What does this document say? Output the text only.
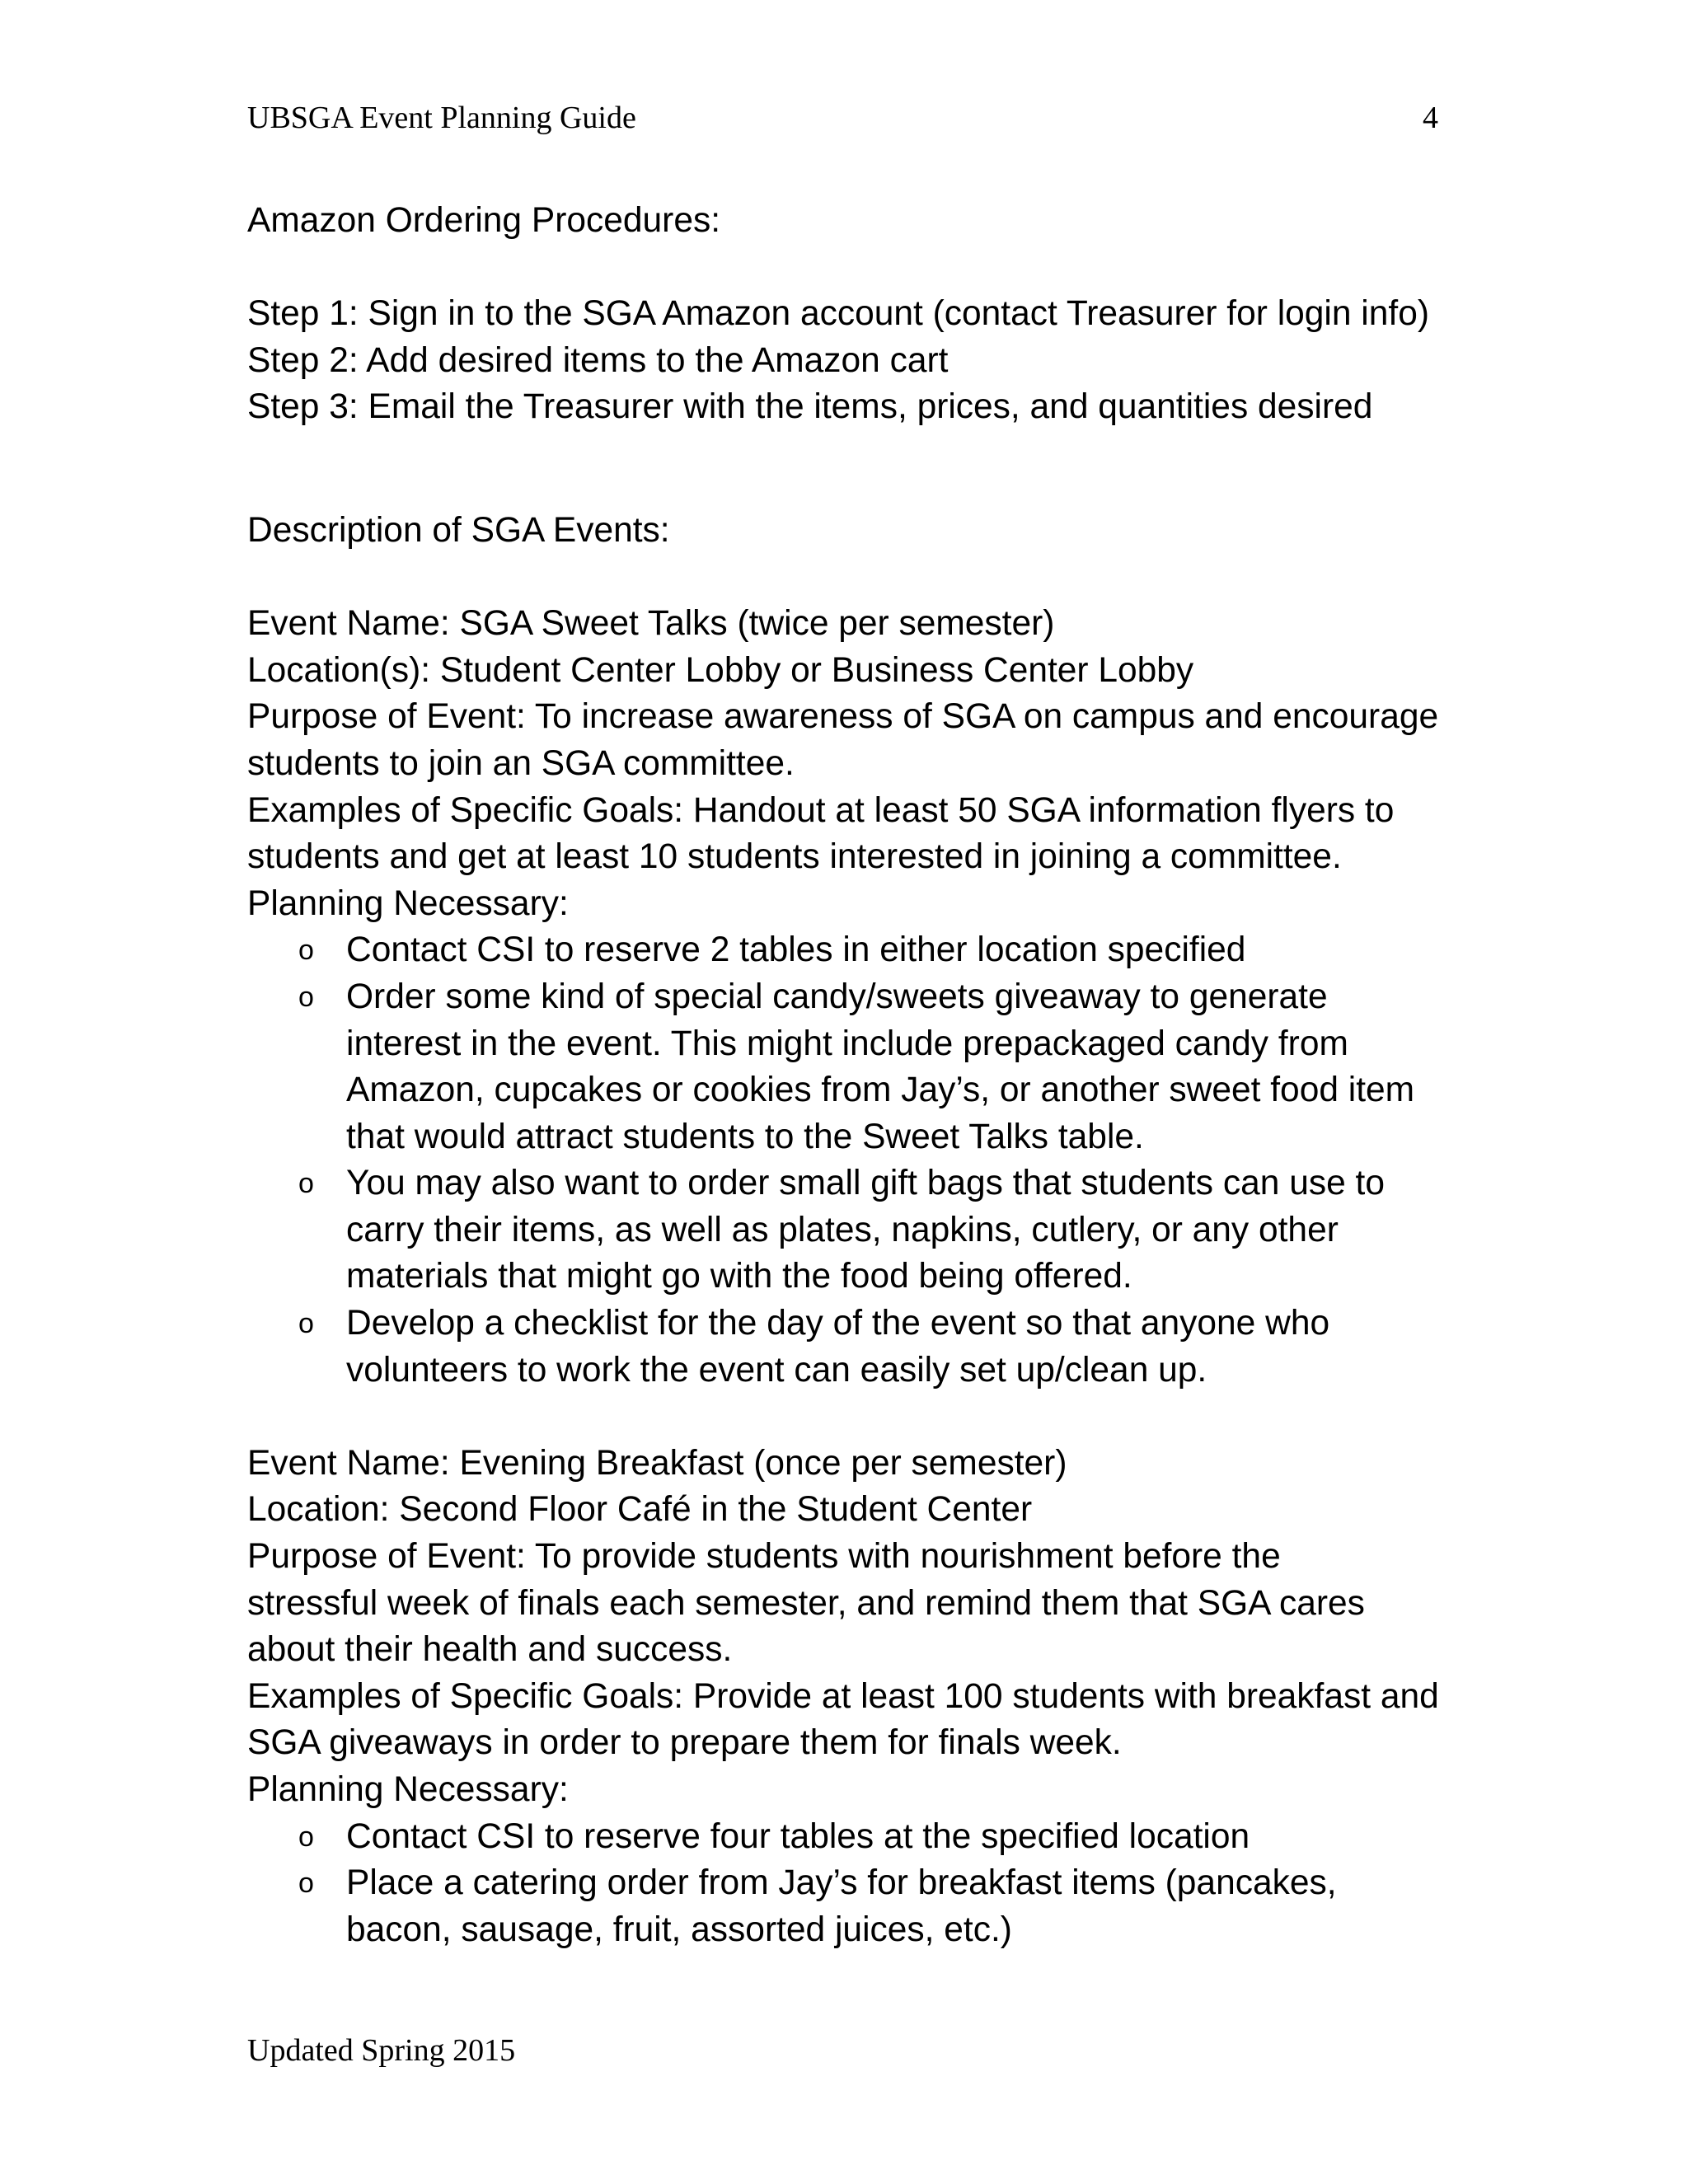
UBSGA Event Planning Guide	4
Amazon Ordering Procedures:
Step 1: Sign in to the SGA Amazon account (contact Treasurer for login info)
Step 2: Add desired items to the Amazon cart
Step 3: Email the Treasurer with the items, prices, and quantities desired
Description of SGA Events:
Event Name: SGA Sweet Talks (twice per semester)
Location(s): Student Center Lobby or Business Center Lobby
Purpose of Event: To increase awareness of SGA on campus and encourage
students to join an SGA committee.
Examples of Specific Goals: Handout at least 50 SGA information flyers to
students and get at least 10 students interested in joining a committee.
Planning Necessary:
o Contact CSI to reserve 2 tables in either location specified
o Order some kind of special candy/sweets giveaway to generate
interest in the event. This might include prepackaged candy from
Amazon, cupcakes or cookies from Jay’s, or another sweet food item
that would attract students to the Sweet Talks table.
o You may also want to order small gift bags that students can use to
carry their items, as well as plates, napkins, cutlery, or any other
materials that might go with the food being offered.
o Develop a checklist for the day of the event so that anyone who
volunteers to work the event can easily set up/clean up.
Event Name: Evening Breakfast (once per semester)
Location: Second Floor Café in the Student Center
Purpose of Event: To provide students with nourishment before the
stressful week of finals each semester, and remind them that SGA cares
about their health and success.
Examples of Specific Goals: Provide at least 100 students with breakfast and
SGA giveaways in order to prepare them for finals week.
Planning Necessary:
o Contact CSI to reserve four tables at the specified location
o Place a catering order from Jay’s for breakfast items (pancakes,
bacon, sausage, fruit, assorted juices, etc.)
Updated Spring 2015
